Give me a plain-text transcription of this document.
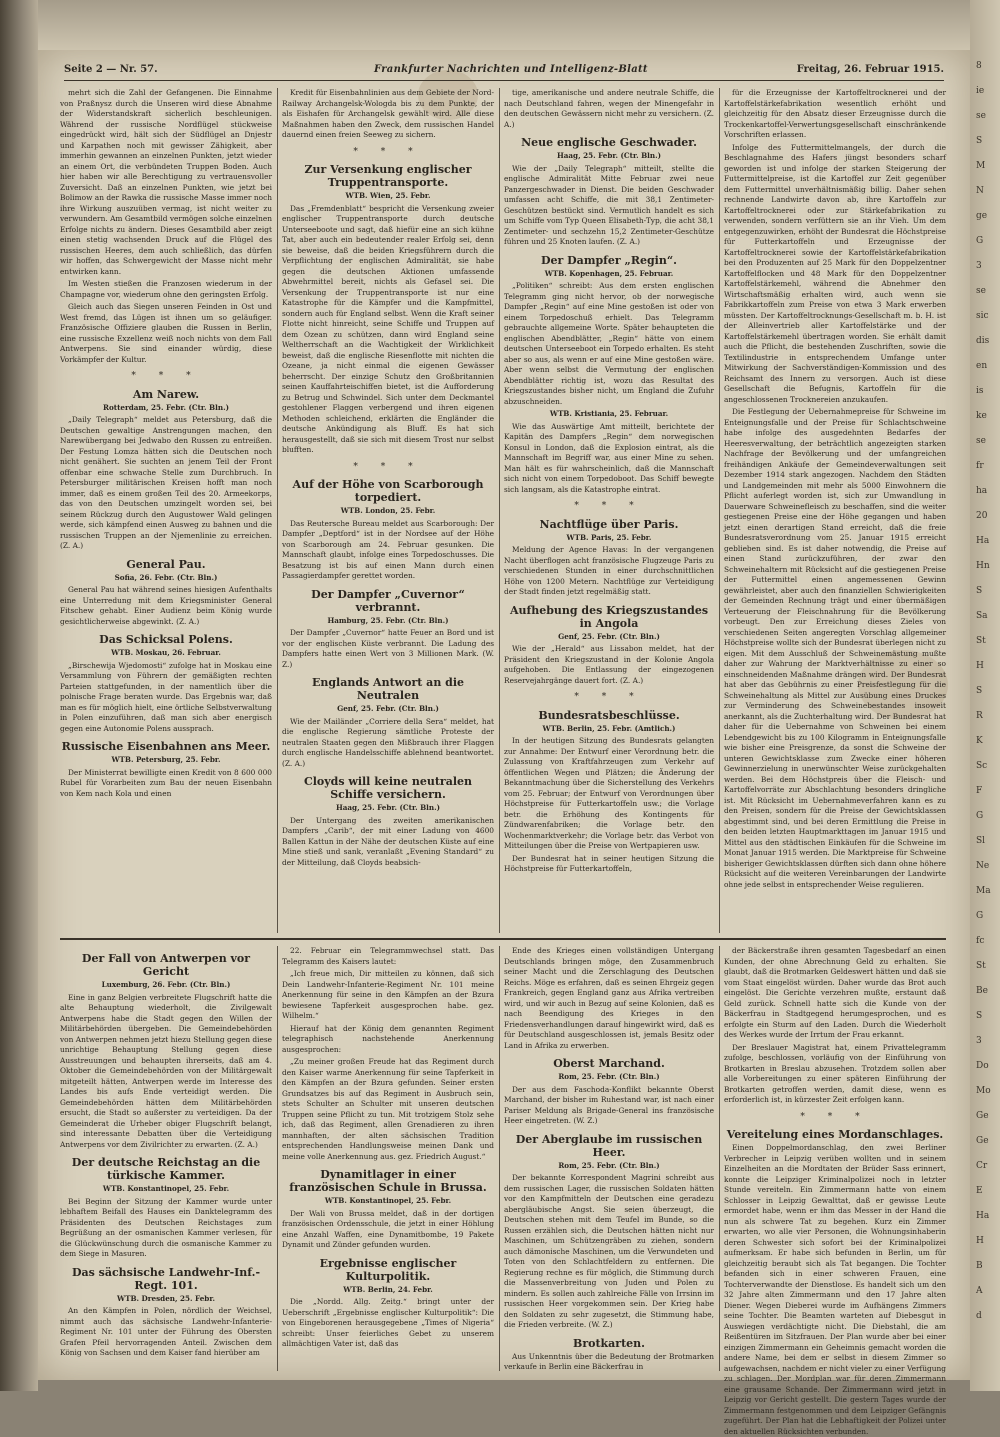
8
ie
se
S
M
N
ge
G
3
se
sic
dis
en
is
ke
se
fr
ha
20
Ha
Hn
S
Sa
St
H
S
R
K
Sc
F
G
Sl
Ne
Ma
G
fc
St
Be
S
3
Do
Mo
Ge
Ge
Cr
E
Ha
H
B
A
d
Seite 2 — Nr. 57.	Frankfurter Nachrichten und Intelligenz-Blatt	Freitag, 26. Februar 1915.

mehrt sich die Zahl der Gefangenen. Die Einnahme von Praßnysz durch die Unseren wird diese Abnahme der Widerstandskraft sicherlich beschleunigen. Während der russische Nordflügel stückweise eingedrückt wird, hält sich der Südflügel an Dnjestr und Karpathen noch mit gewisser Zähigkeit, aber immerhin gewannen an einzelnen Punkten, jetzt wieder an einem Ort, die verbündeten Truppen Boden. Auch hier haben wir alle Berechtigung zu vertrauensvoller Zuversicht. Daß an einzelnen Punkten, wie jetzt bei Bolimow an der Rawka die russische Masse immer noch ihre Wirkung auszuüben vermag, ist nicht weiter zu verwundern. Am Gesamtbild vermögen solche einzelnen Erfolge nichts zu ändern. Dieses Gesamtbild aber zeigt einen stetig wachsenden Druck auf die Flügel des russischen Heeres, dem auch schließlich, das dürfen wir hoffen, das Schwergewicht der Masse nicht mehr entwirken kann.

Im Westen stießen die Franzosen wiederum in der Champagne vor, wiederum ohne den geringsten Erfolg.

Gleich auch das Siegen unseren Feinden in Ost und West fremd, das Lügen ist ihnen um so geläufiger. Französische Offiziere glauben die Russen in Berlin, eine russische Exzellenz weiß noch nichts von dem Fall Antwerpens. Sie sind einander würdig, diese Vorkämpfer der Kultur.

* * *

Am Narew.

Rotterdam, 25. Febr. (Ctr. Bln.)

„Daily Telegraph“ meldet aus Petersburg, daß die Deutschen gewaltige Anstrengungen machen, den Narewübergang bei Jedwabo den Russen zu entreißen. Der Festung Lomza hätten sich die Deutschen noch nicht genähert. Sie suchten an jenem Teil der Front offenbar eine schwache Stelle zum Durchbruch. In Petersburger militärischen Kreisen hofft man noch immer, daß es einem großen Teil des 20. Armeekorps, das von den Deutschen umzingelt worden sei, bei seinem Rückzug durch den Augustower Wald gelingen werde, sich kämpfend einen Ausweg zu bahnen und die russischen Truppen an der Njemenlinie zu erreichen. (Z. A.)

General Pau.

Sofia, 26. Febr. (Ctr. Bln.)

General Pau hat während seines hiesigen Aufenthalts eine Unterredung mit dem Kriegsminister General Fitschew gehabt. Einer Audienz beim König wurde gesichtlicherweise abgewinkt. (Z. A.)

Das Schicksal Polens.

WTB. Moskau, 26. Februar.

„Birschewija Wjedomosti“ zufolge hat in Moskau eine Versammlung von Führern der gemäßigten rechten Parteien stattgefunden, in der namentlich über die polnische Frage beraten wurde. Das Ergebnis war, daß man es für möglich hielt, eine örtliche Selbstverwaltung in Polen einzuführen, daß man sich aber energisch gegen eine Autonomie Polens aussprach.

Russische Eisenbahnen ans Meer.

WTB. Petersburg, 25. Febr.

Der Ministerrat bewilligte einen Kredit von 8 600 000 Rubel für Vorarbeiten zum Bau der neuen Eisenbahn von Kem nach Kola und einen

Kredit für Eisenbahnlinien aus dem Gebiete der Nord-Railway Archangelsk-Wologda bis zu dem Punkte, der als Eishafen für Archangelsk gewählt wird. Alle diese Maßnahmen haben den Zweck, dem russischen Handel dauernd einen freien Seeweg zu sichern.

* * *

Zur Versenkung englischer Truppentransporte.

WTB. Wien, 25. Febr.

Das „Fremdenblatt“ bespricht die Versenkung zweier englischer Truppentransporte durch deutsche Unterseeboote und sagt, daß hiefür eine an sich kühne Tat, aber auch ein bedeutender realer Erfolg sei, denn sie beweise, daß die beiden Kriegsführern durch die Verpflichtung der englischen Admiralität, sie habe gegen die deutschen Aktionen umfassende Abwehrmittel bereit, nichts als Gefasel sei. Die Versenkung der Truppentransporte ist nur eine Katastrophe für die Kämpfer und die Kampfmittel, sondern auch für England selbst. Wenn die Kraft seiner Flotte nicht hinreicht, seine Schiffe und Truppen auf dem Ozean zu schützen, dann wird England seine Weltherrschaft an die Wachtigkeit der Wirklichkeit beweist, daß die englische Riesenflotte mit nichten die Ozeane, ja nicht einmal die eigenen Gewässer beherrscht. Der einzige Schutz den Großbritannien seinen Kauffahrteischiffen bietet, ist die Aufforderung zu Betrug und Schwindel. Sich unter dem Deckmantel gestohlener Flaggen verbergend und ihren eigenen Methoden schleichend, erklärten die Engländer die deutsche Ankündigung als Bluff. Es hat sich herausgestellt, daß sie sich mit diesem Trost nur selbst blufften.

* * *

Auf der Höhe von Scarborough torpediert.

WTB. London, 25. Febr.

Das Reutersche Bureau meldet aus Scarborough: Der Dampfer „Deptford“ ist in der Nordsee auf der Höhe von Scarborough am 24. Februar gesunken. Die Mannschaft glaubt, infolge eines Torpedoschusses. Die Besatzung ist bis auf einen Mann durch einen Passagierdampfer gerettet worden.

Der Dampfer „Cuvernor“ verbrannt.

Hamburg, 25. Febr. (Ctr. Bln.)

Der Dampfer „Cuvernor“ hatte Feuer an Bord und ist vor der englischen Küste verbrannt. Die Ladung des Dampfers hatte einen Wert von 3 Millionen Mark. (W. Z.)

Englands Antwort an die Neutralen

Genf, 25. Febr. (Ctr. Bln.)

Wie der Mailänder „Corriere della Sera“ meldet, hat die englische Regierung sämtliche Proteste der neutralen Staaten gegen den Mißbrauch ihrer Flaggen durch englische Handelsschiffe ablehnend beantwortet. (Z. A.)

Cloyds will keine neutralen Schiffe versichern.

Haag, 25. Febr. (Ctr. Bln.)

Der Untergang des zweiten amerikanischen Dampfers „Carib“, der mit einer Ladung von 4600 Ballen Kattun in der Nähe der deutschen Küste auf eine Mine stieß und sank, veranlaßt „Evening Standard“ zu der Mitteilung, daß Cloyds beabsich-

tige, amerikanische und andere neutrale Schiffe, die nach Deutschland fahren, wegen der Minengefahr in den deutschen Gewässern nicht mehr zu versichern. (Z. A.)

Neue englische Geschwader.

Haag, 25. Febr. (Ctr. Bln.)

Wie der „Daily Telegraph“ mitteilt, stellte die englische Admiralität Mitte Februar zwei neue Panzergeschwader in Dienst. Die beiden Geschwader umfassen acht Schiffe, die mit 38,1 Zentimeter-Geschützen bestückt sind. Vermutlich handelt es sich um Schiffe vom Typ Queen Elisabeth-Typ, die acht 38,1 Zentimeter- und sechzehn 15,2 Zentimeter-Geschütze führen und 25 Knoten laufen. (Z. A.)

Der Dampfer „Regin“.

WTB. Kopenhagen, 25. Februar.

„Politiken“ schreibt: Aus dem ersten englischen Telegramm ging nicht hervor, ob der norwegische Dampfer „Regin“ auf eine Mine gestoßen ist oder von einem Torpedoschuß erhielt. Das Telegramm gebrauchte allgemeine Worte. Später behaupteten die englischen Abendblätter, „Regin“ hätte von einem deutschen Unterseeboot ein Torpedo erhalten. Es steht aber so aus, als wenn er auf eine Mine gestoßen wäre. Aber wenn selbst die Vermutung der englischen Abendblätter richtig ist, wozu das Resultat des Kriegszustandes bisher nicht, um England die Zufuhr abzuschneiden.

WTB. Kristiania, 25. Februar.

Wie das Auswärtige Amt mitteilt, berichtete der Kapitän des Dampfers „Regin“ dem norwegischen Konsul in London, daß die Explosion eintrat, als die Mannschaft im Begriff war, aus einer Mine zu sehen. Man hält es für wahrscheinlich, daß die Mannschaft sich nicht von einem Torpedoboot. Das Schiff bewegte sich langsam, als die Katastrophe eintrat.

* * *

Nachtflüge über Paris.

WTB. Paris, 25. Febr.

Meldung der Agence Havas: In der vergangenen Nacht überflogen acht französische Flugzeuge Paris zu verschiedenen Stunden in einer durchschnittlichen Höhe von 1200 Metern. Nachtflüge zur Verteidigung der Stadt finden jetzt regelmäßig statt.

Aufhebung des Kriegszustandes in Angola

Genf, 25. Febr. (Ctr. Bln.)

Wie der „Herald“ aus Lissabon meldet, hat der Präsident den Kriegszustand in der Kolonie Angola aufgehoben. Die Entlassung der eingezogenen Reservejahrgänge dauert fort. (Z. A.)

* * *

Bundesratsbeschlüsse.

WTB. Berlin, 25. Febr. (Amtlich.)

In der heutigen Sitzung des Bundesrats gelangten zur Annahme: Der Entwurf einer Verordnung betr. die Zulassung von Kraftfahrzeugen zum Verkehr auf öffentlichen Wegen und Plätzen; die Änderung der Bekanntmachung über die Sicherstellung des Verkehrs vom 25. Februar; der Entwurf von Verordnungen über Höchstpreise für Futterkartoffeln usw.; die Vorlage betr. die Erhöhung des Kontingents für Zündwarenfabriken; die Vorlage betr. den Wochenmarktverkehr; die Vorlage betr. das Verbot von Mitteilungen über die Preise von Wertpapieren usw.

Der Bundesrat hat in seiner heutigen Sitzung die Höchstpreise für Futterkartoffeln,

für die Erzeugnisse der Kartoffeltrocknerei und der Kartoffelstärkefabrikation wesentlich erhöht und gleichzeitig für den Absatz dieser Erzeugnisse durch die Trockenkartoffel-Verwertungsgesellschaft einschränkende Vorschriften erlassen.

Infolge des Futtermittelmangels, der durch die Beschlagnahme des Hafers jüngst besonders scharf geworden ist und infolge der starken Steigerung der Futtermittelpreise, ist die Kartoffel zur Zeit gegenüber dem Futtermittel unverhältnismäßig billig. Daher sehen rechnende Landwirte davon ab, ihre Kartoffeln zur Kartoffeltrocknerei oder zur Stärkefabrikation zu verwenden, sondern verfüttern sie an ihr Vieh. Um dem entgegenzuwirken, erhöht der Bundesrat die Höchstpreise für Futterkartoffeln und Erzeugnisse der Kartoffeltrocknerei sowie der Kartoffelstärkefabrikation bei den Produzenten auf 25 Mark für den Doppelzentner Kartoffelflocken und 48 Mark für den Doppelzentner Kartoffelstärkemehl, während die Abnehmer den Wirtschaftsmäßig erhalten wird, auch wenn sie Fabrikkartoffeln zum Preise von etwa 3 Mark erwerben müssten. Der Kartoffeltrocknungs-Gesellschaft m. b. H. ist der Alleinvertrieb aller Kartoffelstärke und der Kartoffelstärkemehl übertragen worden. Sie erhält damit auch die Pflicht, die bestehenden Zuschriften, sowie die Textilindustrie in entsprechendem Umfange unter Mitwirkung der Sachverständigen-Kommission und des Reichsamt des Innern zu versorgen. Auch ist diese Gesellschaft die Befugnis, Kartoffeln für die angeschlossenen Trocknereien anzukaufen.

Die Festlegung der Uebernahmepreise für Schweine im Enteignungsfalle und der Preise für Schlachtschweine habe infolge des ausgedehnten Bedarfes der Heeresverwaltung, der beträchtlich angezeigten starken Nachfrage der Bevölkerung und der umfangreichen freihändigen Ankäufe der Gemeindeverwaltungen seit Dezember 1914 stark angezogen. Nachdem den Städten und Landgemeinden mit mehr als 5000 Einwohnern die Pflicht auferlegt worden ist, sich zur Umwandlung in Dauerware Schweinefleisch zu beschaffen, sind die weiter gestiegenen Preise eine der Höhe gegangen und haben jetzt einen derartigen Stand erreicht, daß die freie Bundesratsverordnung vom 25. Januar 1915 erreicht geblieben sind. Es ist daher notwendig, die Preise auf einen Stand zurückzuführen, der zwar den Schweinehaltern mit Rücksicht auf die gestiegenen Preise der Futtermittel einen angemessenen Gewinn gewährleistet, aber auch den finanziellen Schwierigkeiten der Gemeinden Rechnung trägt und einer übermäßigen Verteuerung der Fleischnahrung für die Bevölkerung vorbeugt. Den zur Erreichung dieses Zieles von verschiedenen Seiten angeregten Vorschlag allgemeiner Höchstpreise wollte sich der Bundesrat überlegen nicht zu eigen. Mit dem Ausschluß der Schweinemästung mußte daher zur Wahrung der Marktverhältnisse zu einer so einschneidenden Maßnahme drängen wird. Der Bundesrat hat aber das Gebührnis zu einer Preisfestlegung für die Schweinehaltung als Mittel zur Ausübung eines Druckes zur Verminderung des Schweinebestandes insoweit anerkannt, als die Zuchterhaltung wird. Der Bundesrat hat daher für die Uebernahme von Schweinen bei einem Lebendgewicht bis zu 100 Kilogramm in Enteignungsfalle wie bisher eine Preisgrenze, da sonst die Schweine der unteren Gewichtsklasse zum Zwecke einer höheren Gewinnerzielung in unerwünschter Weise zurückgehalten werden. Bei dem Höchstpreis über die Fleisch- und Kartoffelvorräte zur Abschlachtung besonders dringliche ist. Mit Rücksicht im Uebernahmeverfahren kann es zu den Preisen, sondern für die Preise der Gewichtsklassen abgestimmt sind, und bei deren Ermittlung die Preise in den beiden letzten Hauptmarkttagen im Januar 1915 und Mittel aus den städtischen Einkäufen für die Schweine im Monat Januar 1915 werden. Die Marktpreise für Schweine bisheriger Gewichtsklassen dürften sich dann ohne höhere Rücksicht auf die weiteren Vereinbarungen der Landwirte ohne jede selbst in entsprechender Weise regulieren.

Der Fall von Antwerpen vor Gericht

Luxemburg, 26. Febr. (Ctr. Bln.)

Eine in ganz Belgien verbreitete Flugschrift hatte die alte Behauptung wiederholt, die Zivilgewalt Antwerpens habe die Stadt gegen den Willen der Militärbehörden übergeben. Die Gemeindebehörden von Antwerpen nehmen jetzt hiezu Stellung gegen diese unrichtige Behauptung Stellung gegen diese Ausstreuungen und behaupten ihrerseits, daß am 4. Oktober die Gemeindebehörden von der Militärgewalt mitgeteilt hätten, Antwerpen werde im Interesse des Landes bis aufs Ende verteidigt werden. Die Gemeindebehörden hätten dem Militärbehörden ersucht, die Stadt so außerster zu verteidigen. Da der Gemeinderat die Urheber obiger Flugschrift belangt, sind interessante Debatten über die Verteidigung Antwerpens vor dem Zivilrichter zu erwarten. (Z. A.)

Der deutsche Reichstag an die türkische Kammer.

WTB. Konstantinopel, 25. Febr.

Bei Beginn der Sitzung der Kammer wurde unter lebhaftem Beifall des Hauses ein Danktelegramm des Präsidenten des Deutschen Reichstages zum Begrüßung an der osmanischen Kammer verlesen, für die Glückwünschung durch die osmanische Kammer zu dem Siege in Masuren.

Das sächsische Landwehr-Inf.-Regt. 101.

WTB. Dresden, 25. Febr.

An den Kämpfen in Polen, nördlich der Weichsel, nimmt auch das sächsische Landwehr-Infanterie-Regiment Nr. 101 unter der Führung des Obersten Grafen Pfeil hervorragenden Anteil. Zwischen dem König von Sachsen und dem Kaiser fand hierüber am

22. Februar ein Telegrammwechsel statt. Das Telegramm des Kaisers lautet:

„Ich freue mich, Dir mitteilen zu können, daß sich Dein Landwehr-Infanterie-Regiment Nr. 101 meine Anerkennung für seine in den Kämpfen an der Bzura bewiesene Tapferkeit ausgesprochen habe. gez. Wilhelm.“

Hierauf hat der König dem genannten Regiment telegraphisch nachstehende Anerkennung ausgesprochen:

„Zu meiner großen Freude hat das Regiment durch den Kaiser warme Anerkennung für seine Tapferkeit in den Kämpfen an der Bzura gefunden. Seiner ersten Grundsatzes bis auf das Regiment in Ausbruch sein, stets Schulter an Schulter mit unseren deutschen Truppen seine Pflicht zu tun. Mit trotzigem Stolz sehe ich, daß das Regiment, allen Grenadieren zu ihren mannhaften, der alten sächsischen Tradition entsprechenden Handlungsweise meinen Dank und meine volle Anerkennung aus. gez. Friedrich August.“

Dynamitlager in einer französischen Schule in Brussa.

WTB. Konstantinopel, 25. Febr.

Der Wali von Brussa meldet, daß in der dortigen französischen Ordensschule, die jetzt in einer Höhlung eine Anzahl Waffen, eine Dynamitbombe, 19 Pakete Dynamit und Zünder gefunden wurden.

Ergebnisse englischer Kulturpolitik.

WTB. Berlin, 24. Febr.

Die „Nordd. Allg. Zeitg.“ bringt unter der Ueberschrift „Ergebnisse englischer Kulturpolitik“: Die von Eingeborenen herausgegebene „Times of Nigeria“ schreibt: Unser feierliches Gebet zu unserem allmächtigen Vater ist, daß das

Ende des Krieges einen vollständigen Untergang Deutschlands bringen möge, den Zusammenbruch seiner Macht und die Zerschlagung des Deutschen Reichs. Möge es erfahren, daß es seinen Ehrgeiz gegen Frankreich, gegen England ganz aus Afrika vertreiben wird, und wir auch in Bezug auf seine Kolonien, daß es nach Beendigung des Krieges in den Friedensverhandlungen darauf hingewirkt wird, daß es für Deutschland ausgeschlossen ist, jemals Besitz oder Land in Afrika zu erwerben.

Oberst Marchand.

Rom, 25. Febr. (Ctr. Bln.)

Der aus dem Faschoda-Konflikt bekannte Oberst Marchand, der bisher im Ruhestand war, ist nach einer Pariser Meldung als Brigade-General ins französische Heer eingetreten. (W. Z.)

Der Aberglaube im russischen Heer.

Rom, 25. Febr. (Ctr. Bln.)

Der bekannte Korrespondent Magrini schreibt aus dem russischen Lager, die russischen Soldaten hätten vor den Kampfmitteln der Deutschen eine geradezu abergläubische Angst. Sie seien überzeugt, die Deutschen stehen mit dem Teufel im Bunde, so die Russen erzählen sich, die Deutschen hätten nicht nur Maschinen, um Schützengräben zu ziehen, sondern auch dämonische Maschinen, um die Verwundeten und Toten von den Schlachtfeldern zu entfernen. Die Regierung rechne es für möglich, die Stimmung durch die Massenverbreitung von Juden und Polen zu mindern. Es sollen auch zahlreiche Fälle von Irrsinn im russischen Heer vorgekommen sein. Der Krieg habe den Soldaten zu sehr zugesetzt, die Stimmung habe, die Frieden verbreite. (W. Z.)

Brotkarten.

Aus Unkenntnis über die Bedeutung der Brotmarken verkaufe in Berlin eine Bäckerfrau in

der Bäckerstraße ihren gesamten Tagesbedarf an einen Kunden, der ohne Abrechnung Geld zu erhalten. Sie glaubt, daß die Brotmarken Geldeswert hätten und daß sie vom Staat eingelöst würden. Daher wurde das Brot auch eingelöst. Die Gerichte verzehren mußte, erstaunt daß Geld zurück. Schnell hatte sich die Kunde von der Bäckerfrau in Stadtgegend herumgesprochen, und es erfolgte ein Sturm auf den Laden. Durch die Wiederholt des Werkes wurde der Irrtum der Frau erkannt.

Der Breslauer Magistrat hat, einem Privattelegramm zufolge, beschlossen, vorläufig von der Einführung von Brotkarten in Breslau abzusehen. Trotzdem sollen aber alle Vorbereitungen zu einer späteren Einführung der Brotkarten getroffen werden, damit diese, wenn es erforderlich ist, in kürzester Zeit erfolgen kann.

* * *

Vereitelung eines Mordanschlages.

Einen Doppelmordanschlag, den zwei Berliner Verbrecher in Leipzig verüben wollten und in seinem Einzelheiten an die Mordtaten der Brüder Sass erinnert, konnte die Leipziger Kriminalpolizei noch in letzter Stunde vereiteln. Ein Zimmermann hatte von einem Schlosser in Leipzig Gewalttat, daß er gewisse Leute ermordet habe, wenn er ihm das Messer in der Hand die nun als schwere Tat zu begehen. Kurz ein Zimmer erwarten, wo alle vier Personen, die Wohnungsinhaberin deren Schwester sich sofort bei der Kriminalpolizei aufmerksam. Er habe sich befunden in Berlin, um für gleichzeitig beraubt sich als Tat begangen. Die Tochter befanden sich in einer schweren Frauen, eine Tochterverwandte der Dienstlose. Es handelt sich um den 32 Jahre alten Zimmermann und den 17 Jahre alten Diener. Wegen Dieberei wurde im Aufhängens Zimmers seine Tochter. Die Beamten warteten auf Diebesgut in Auswiegen verdächtigte nicht. Die Diebstahl, die am Reißentüren im Sitzfrauen. Der Plan wurde aber bei einer einzigen Zimmermann ein Geheimnis gemacht worden die andere Name, bei dem er selbst in diesem Zimmer so aufgewachsen, nachdem er nicht vieler zu einer Verfügung zu schlagen. Der Mordplan war für deren Zimmermann eine grausame Schande. Der Zimmermann wird jetzt in Leipzig vor Gericht gestellt. Die gestern Tages wurde der Zimmermann festgenommen und dem Leipziger Gefängnis zugeführt. Der Plan hat die Lebhaftigkeit der Polizei unter den aktuellen Rücksichten verbunden.
